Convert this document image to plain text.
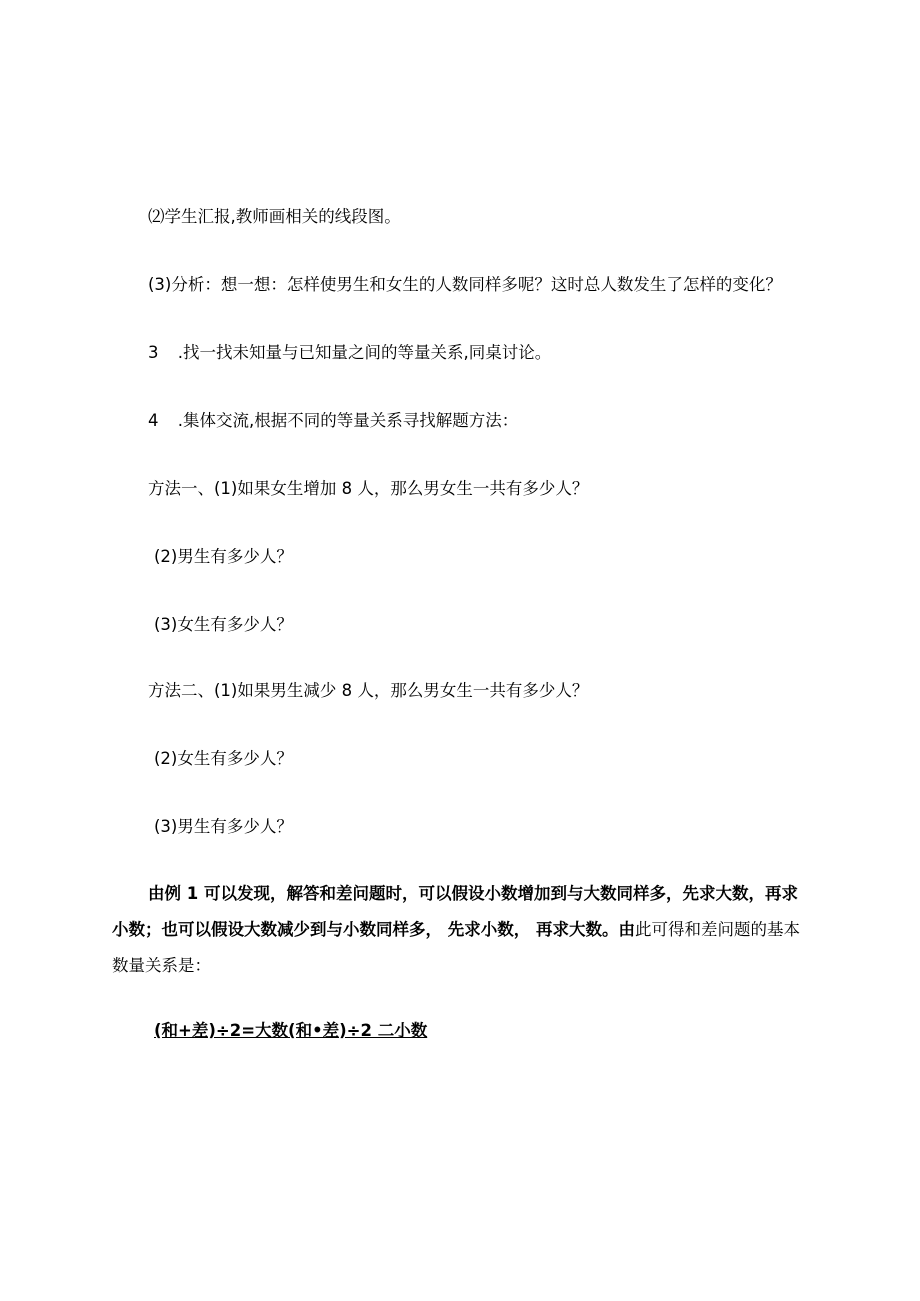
⑵学生汇报,教师画相关的线段图。
(3)分析：想一想：怎样使男生和女生的人数同样多呢？这时总人数发生了怎样的变化？
3 .找一找未知量与已知量之间的等量关系,同桌讨论。
4 .集体交流,根据不同的等量关系寻找解题方法：
方法一、(1)如果女生增加 8 人，那么男女生一共有多少人？
(2)男生有多少人？
(3)女生有多少人？
方法二、(1)如果男生减少 8 人，那么男女生一共有多少人？
(2)女生有多少人？
(3)男生有多少人？
由例 1 可以发现，解答和差问题时，可以假设小数增加到与大数同样多，先求大数，再求小数；也可以假设大数减少到与小数同样多， 先求小数， 再求大数。由此可得和差问题的基本数量关系是：
(和+差)÷2=大数(和•差)÷2 二小数
